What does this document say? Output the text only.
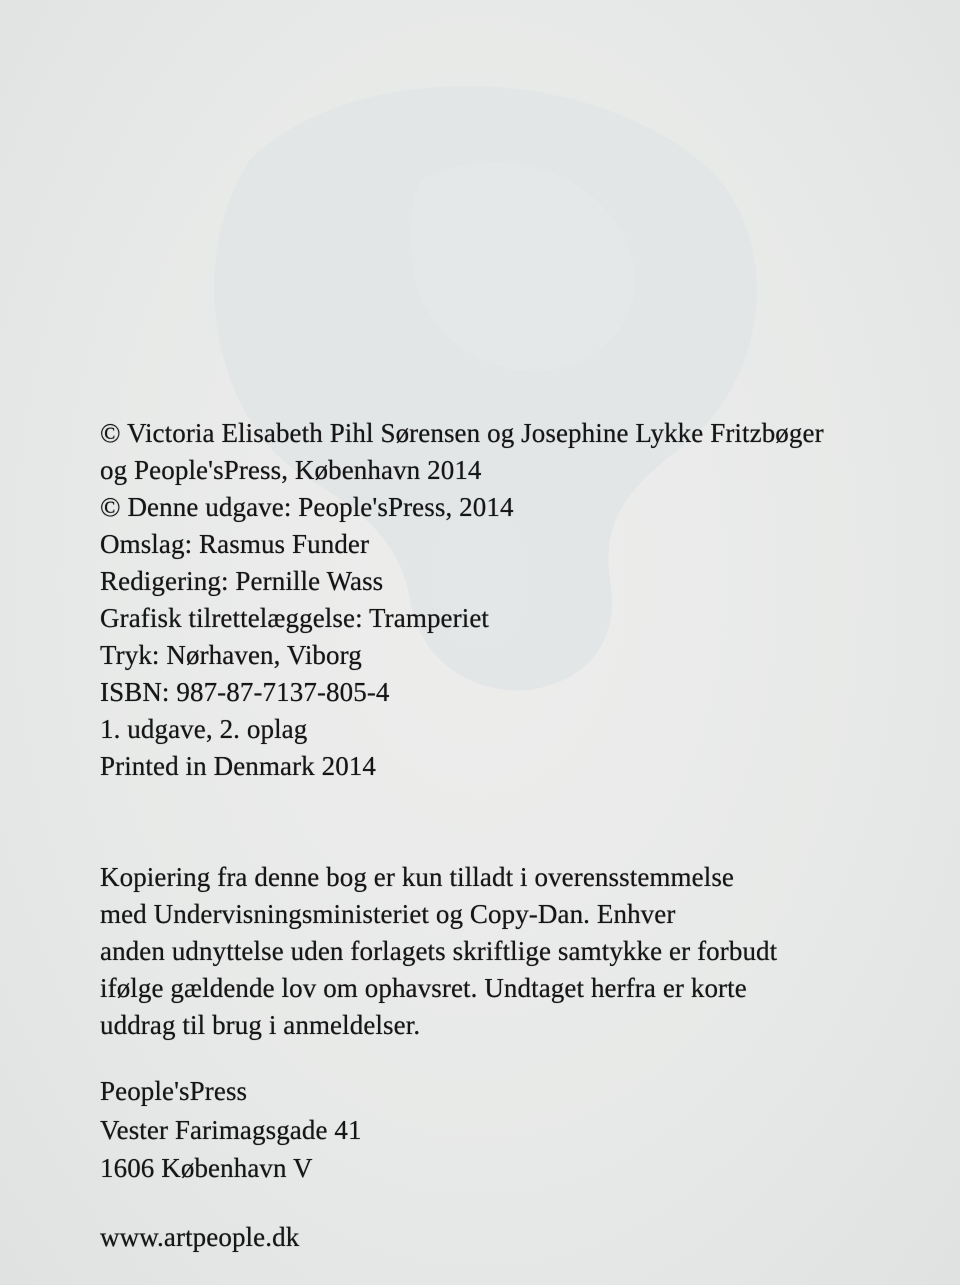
© Victoria Elisabeth Pihl Sørensen og Josephine Lykke Fritzbøger
og People'sPress, København 2014
© Denne udgave: People'sPress, 2014
Omslag: Rasmus Funder
Redigering: Pernille Wass
Grafisk tilrettelæggelse: Tramperiet
Tryk: Nørhaven, Viborg
ISBN: 987-87-7137-805-4
1. udgave, 2. oplag
Printed in Denmark 2014
Kopiering fra denne bog er kun tilladt i overensstemmelse
med Undervisningsministeriet og Copy-Dan. Enhver
anden udnyttelse uden forlagets skriftlige samtykke er forbudt
ifølge gældende lov om ophavsret. Undtaget herfra er korte
uddrag til brug i anmeldelser.
People'sPress
Vester Farimagsgade 41
1606 København V
www.artpeople.dk
